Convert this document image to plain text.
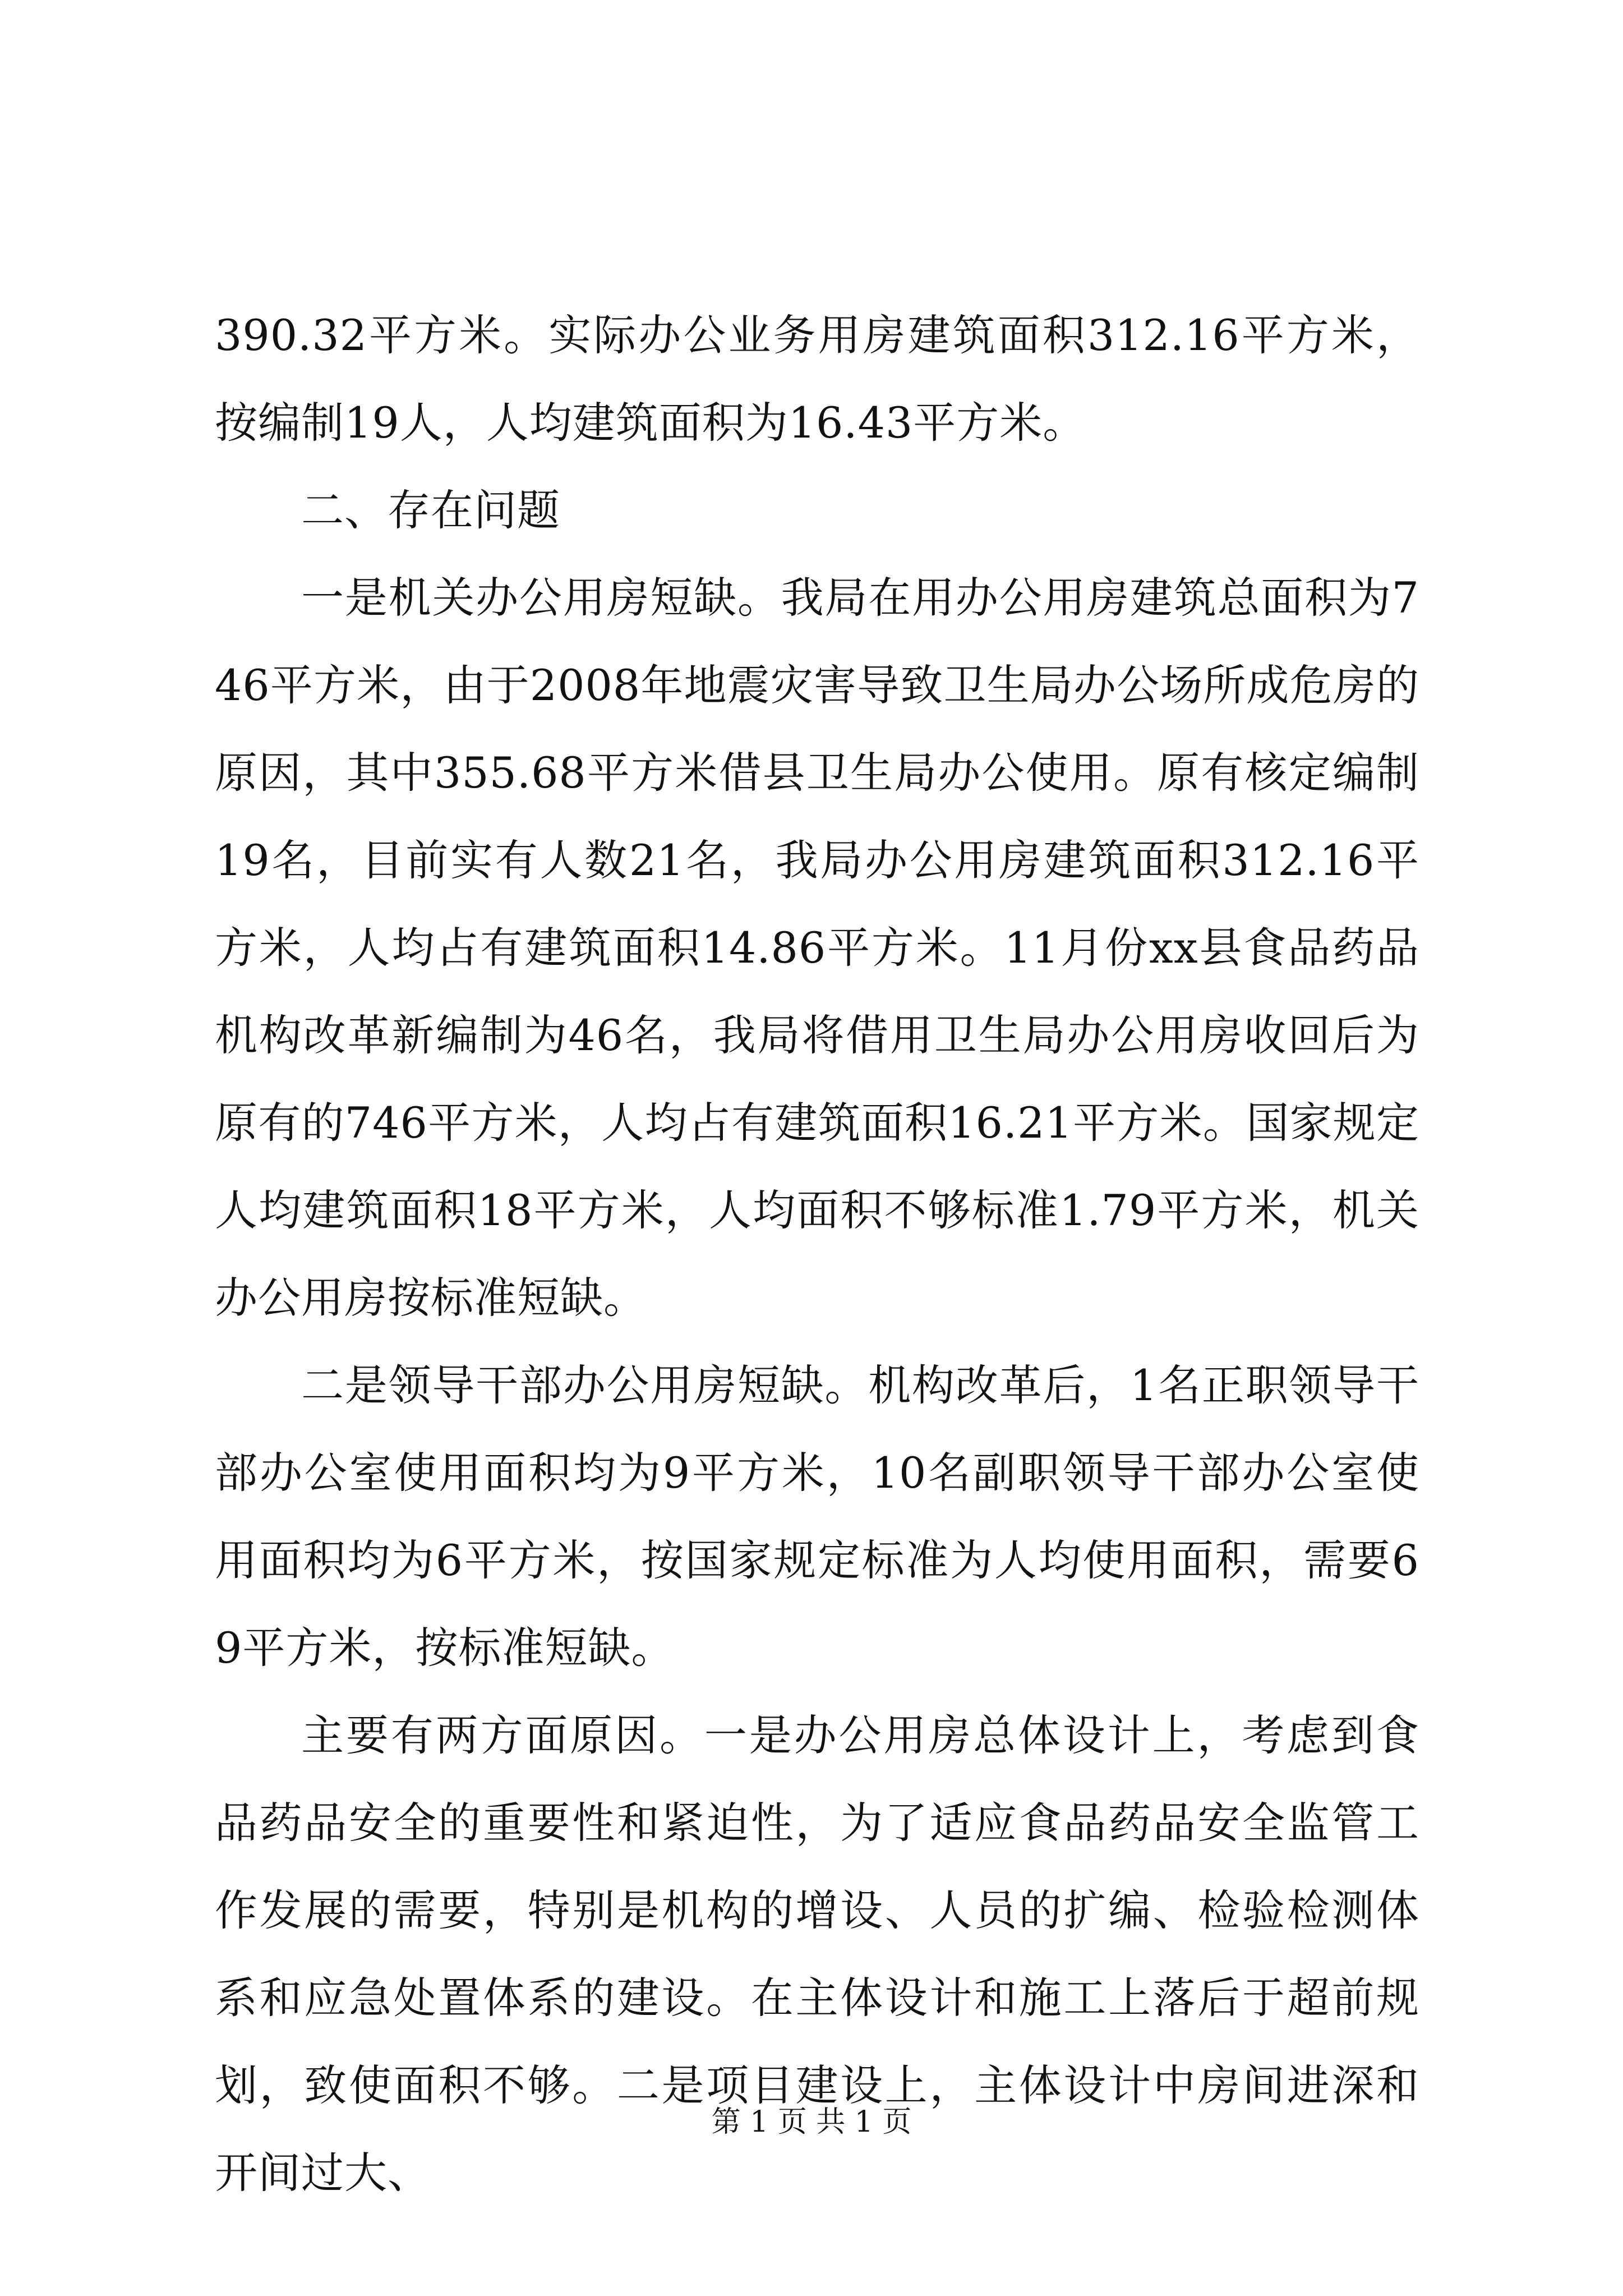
390.32平方米。实际办公业务用房建筑面积312.16平方米，按编制19人，人均建筑面积为16.43平方米。

二、存在问题

一是机关办公用房短缺。我局在用办公用房建筑总面积为746平方米，由于2008年地震灾害导致卫生局办公场所成危房的原因，其中355.68平方米借县卫生局办公使用。原有核定编制19名，目前实有人数21名，我局办公用房建筑面积312.16平方米，人均占有建筑面积14.86平方米。11月份xx县食品药品机构改革新编制为46名，我局将借用卫生局办公用房收回后为原有的746平方米，人均占有建筑面积16.21平方米。国家规定人均建筑面积18平方米，人均面积不够标准1.79平方米，机关办公用房按标准短缺。

二是领导干部办公用房短缺。机构改革后，1名正职领导干部办公室使用面积均为9平方米，10名副职领导干部办公室使用面积均为6平方米，按国家规定标准为人均使用面积，需要69平方米，按标准短缺。

主要有两方面原因。一是办公用房总体设计上，考虑到食品药品安全的重要性和紧迫性，为了适应食品药品安全监管工作发展的需要，特别是机构的增设、人员的扩编、检验检测体系和应急处置体系的建设。在主体设计和施工上落后于超前规划，致使面积不够。二是项目建设上，主体设计中房间进深和开间过大、

第 1 页 共 1 页
